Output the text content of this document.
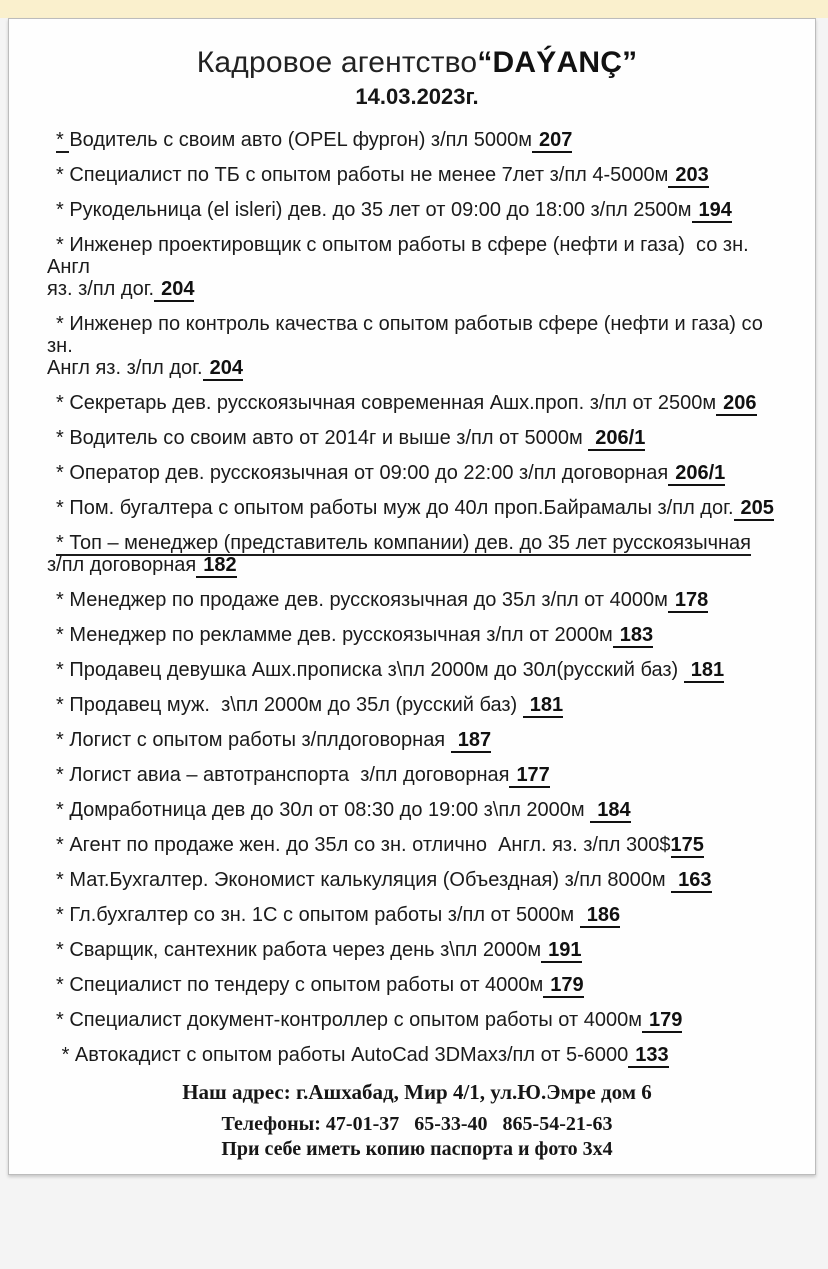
Кадровое агентство“DAÝANÇ”
14.03.2023г.
* Водитель с своим авто (OPEL фургон) з/пл 5000м 207
* Специалист по ТБ с опытом работы не менее 7лет з/пл 4-5000м 203
* Рукодельница (el isleri) дев. до 35 лет от 09:00 до 18:00 з/пл 2500м 194
* Инженер проектировщик с опытом работы в сфере (нефти и газа)  со зн. Англ
яз. з/пл дог. 204
* Инженер по контроль качества с опытом работыв сфере (нефти и газа) со зн.
Англ яз. з/пл дог. 204
* Секретарь дев. русскоязычная современная Ашх.проп. з/пл от 2500м 206
* Водитель со своим авто от 2014г и выше з/пл от 5000м 206/1
* Оператор дев. русскоязычная от 09:00 до 22:00 з/пл договорная 206/1
* Пом. бугалтера с опытом работы муж до 40л проп.Байрамалы з/пл дог. 205
* Топ – менеджер (представитель компании) дев. до 35 лет русскоязычная
з/пл договорная 182
* Менеджер по продаже дев. русскоязычная до 35л з/пл от 4000м 178
* Менеджер по рекламме дев. русскоязычная з/пл от 2000м 183
* Продавец девушка Ашх.прописка з\пл 2000м до 30л(русский баз) 181
* Продавец муж.  з\пл 2000м до 35л (русский баз) 181
* Логист с опытом работы з/плдоговорная 187
* Логист авиа – автотранспорта  з/пл договорная 177
* Домработница дев до 30л от 08:30 до 19:00 з\пл 2000м 184
* Агент по продаже жен. до 35л со зн. отлично  Англ. яз. з/пл 300$175
* Мат.Бухгалтер. Экономист калькуляция (Объездная) з/пл 8000м 163
* Гл.бухгалтер со зн. 1С с опытом работы з/пл от 5000м 186
* Сварщик, сантехник работа через день з\пл 2000м 191
* Специалист по тендеру с опытом работы от 4000м 179
* Специалист документ-контроллер с опытом работы от 4000м 179
* Автокадист с опытом работы AutoCad 3DMaxз/пл от 5-6000 133
Наш адрес: г.Ашхабад, Мир 4/1, ул.Ю.Эмре дом 6
Телефоны: 47-01-37   65-33-40   865-54-21-63
При себе иметь копию паспорта и фото 3х4
